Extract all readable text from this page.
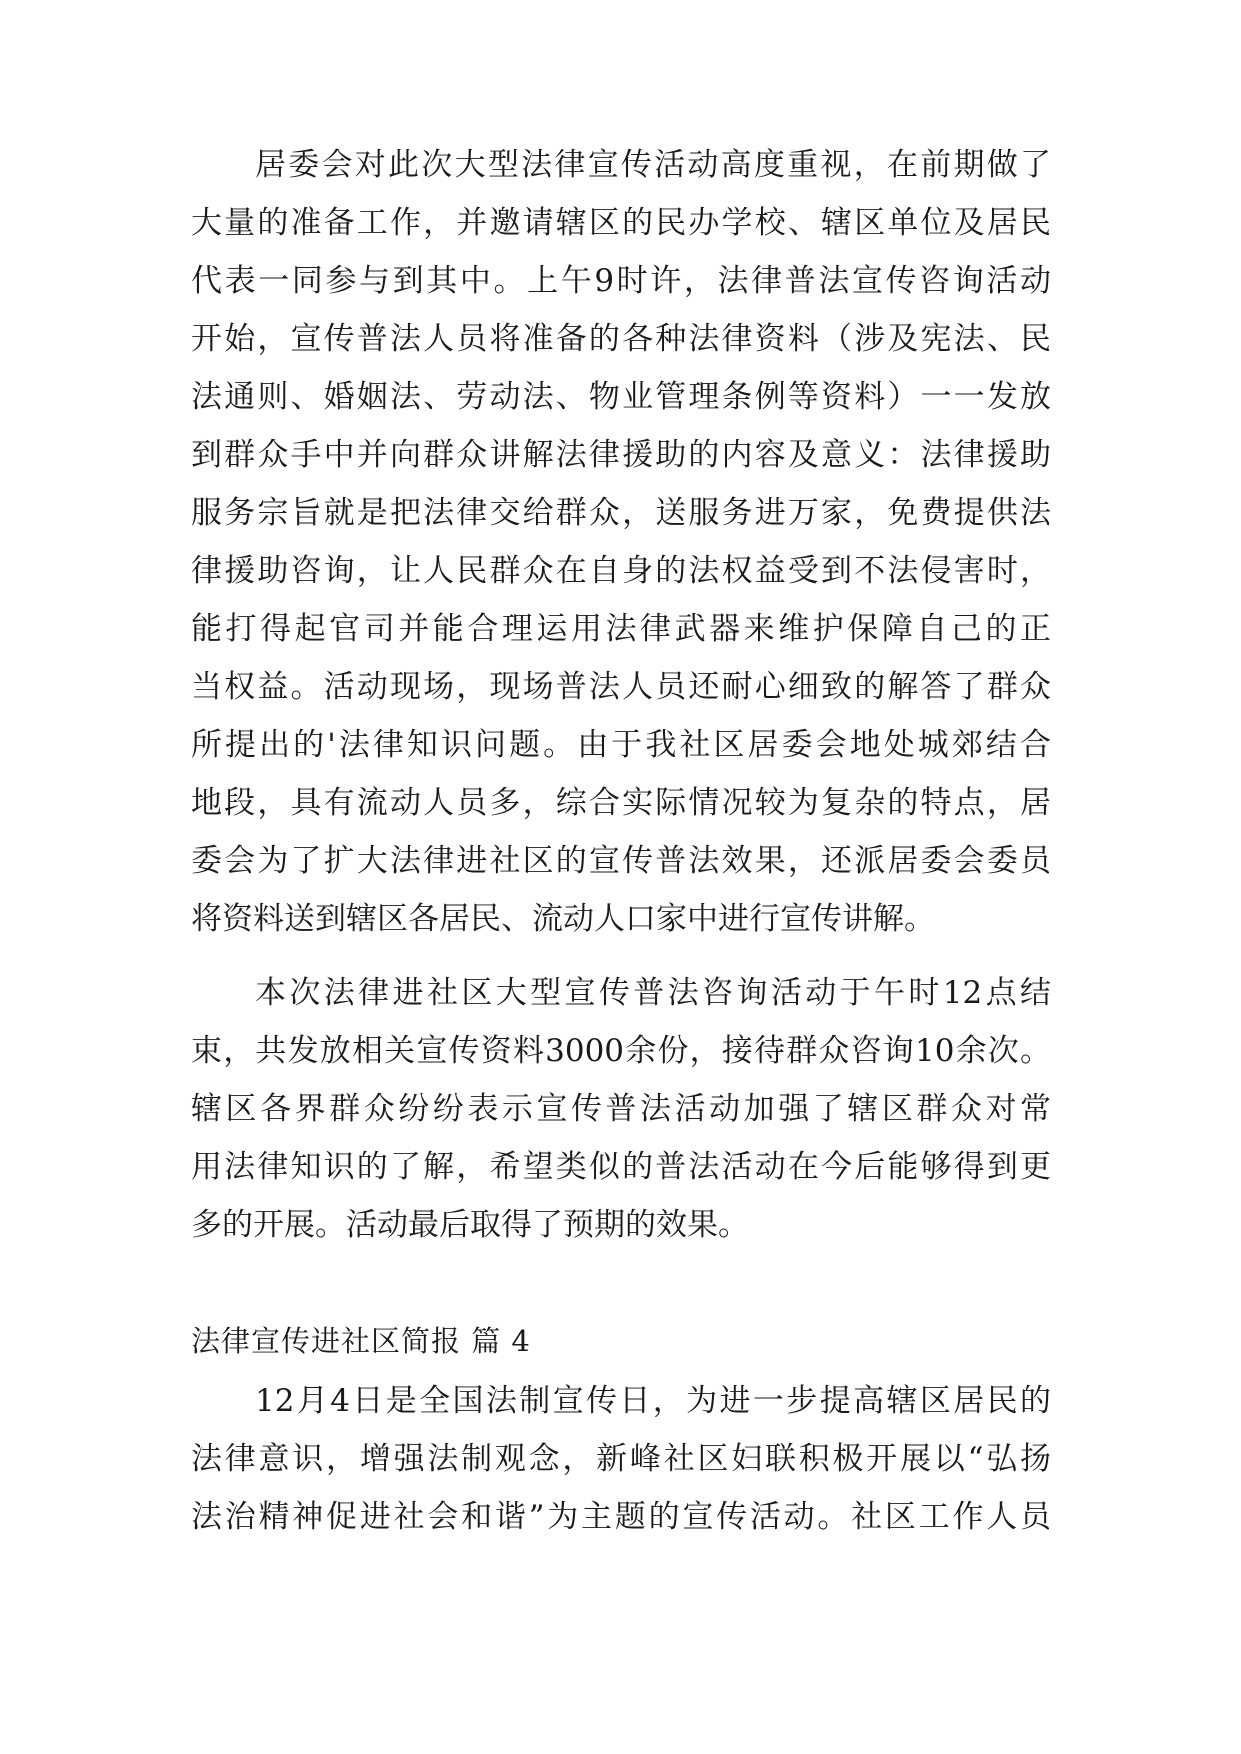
居委会对此次大型法律宣传活动高度重视，在前期做了
大量的准备工作，并邀请辖区的民办学校、辖区单位及居民
代表一同参与到其中。上午9时许，法律普法宣传咨询活动
开始，宣传普法人员将准备的各种法律资料（涉及宪法、民
法通则、婚姻法、劳动法、物业管理条例等资料）一一发放
到群众手中并向群众讲解法律援助的内容及意义：法律援助
服务宗旨就是把法律交给群众，送服务进万家，免费提供法
律援助咨询，让人民群众在自身的法权益受到不法侵害时，
能打得起官司并能合理运用法律武器来维护保障自己的正
当权益。活动现场，现场普法人员还耐心细致的解答了群众
所提出的'法律知识问题。由于我社区居委会地处城郊结合
地段，具有流动人员多，综合实际情况较为复杂的特点，居
委会为了扩大法律进社区的宣传普法效果，还派居委会委员
将资料送到辖区各居民、流动人口家中进行宣传讲解。
本次法律进社区大型宣传普法咨询活动于午时12点结
束，共发放相关宣传资料3000余份，接待群众咨询10余次。
辖区各界群众纷纷表示宣传普法活动加强了辖区群众对常
用法律知识的了解，希望类似的普法活动在今后能够得到更
多的开展。活动最后取得了预期的效果。
法律宣传进社区简报 篇 4
12月4日是全国法制宣传日，为进一步提高辖区居民的
法律意识，增强法制观念，新峰社区妇联积极开展以“弘扬
法治精神促进社会和谐”为主题的宣传活动。社区工作人员
